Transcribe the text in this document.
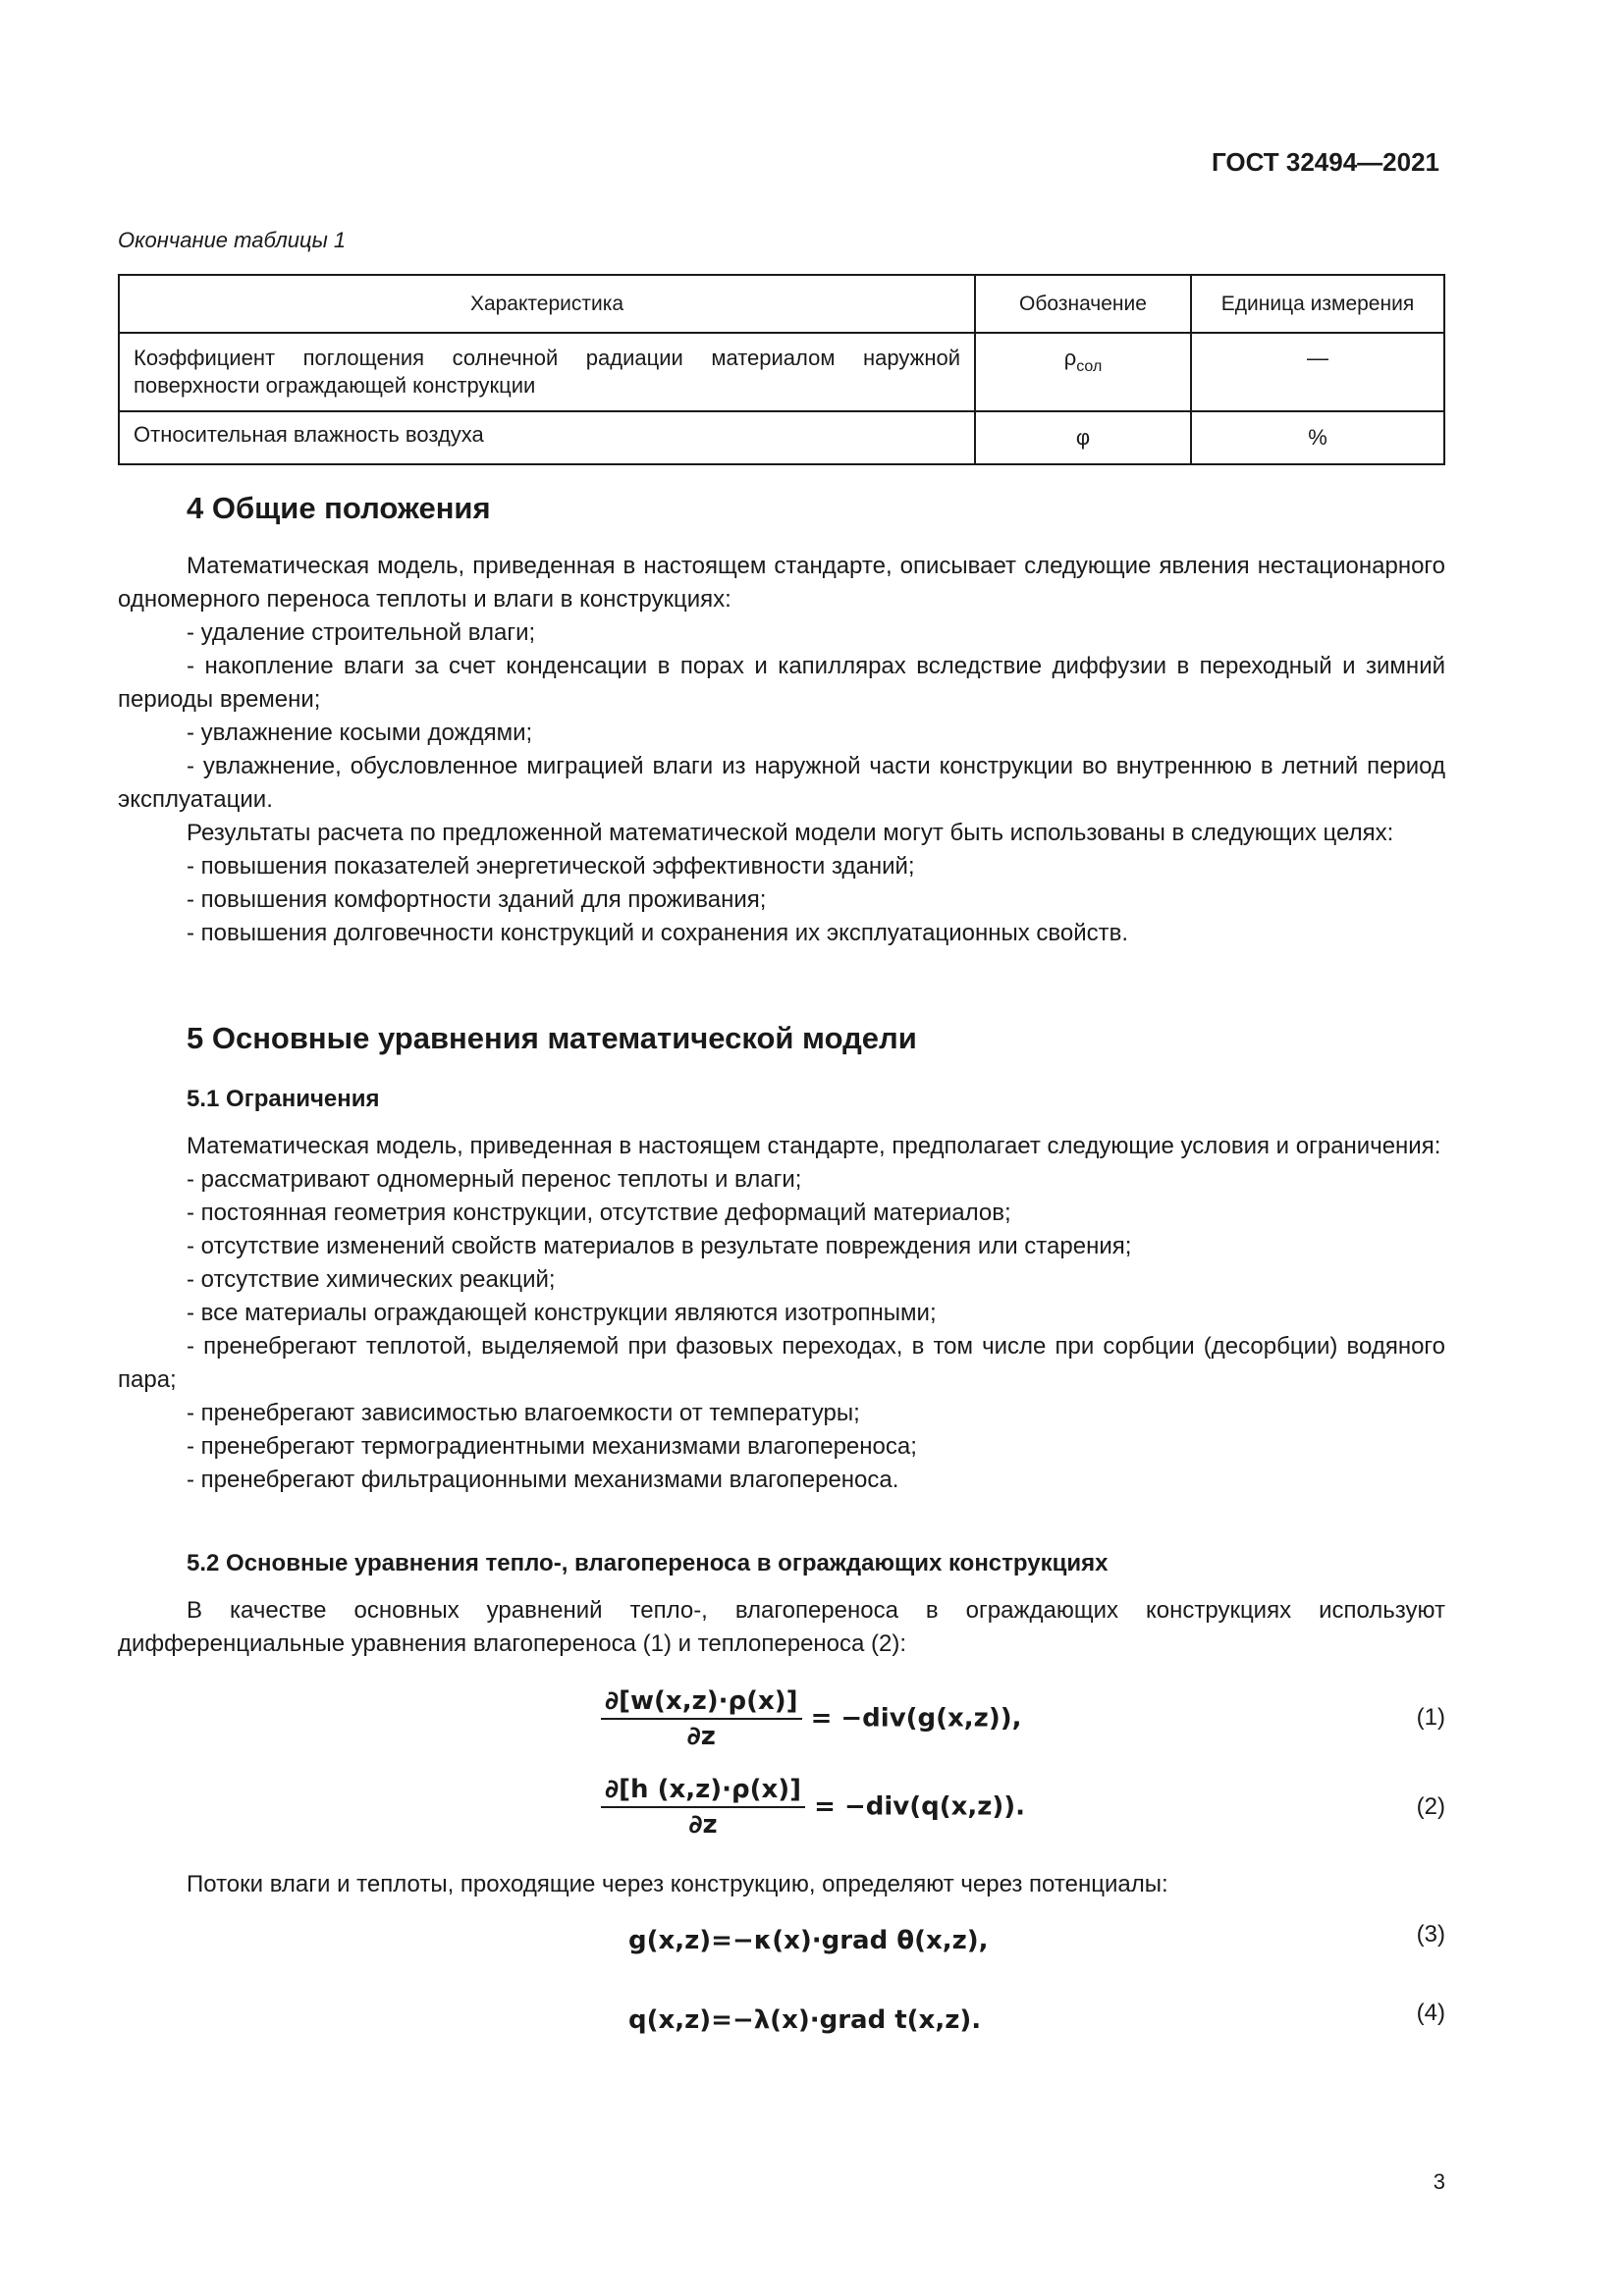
ГОСТ 32494—2021
Окончание таблицы 1
Характеристика	Обозначение	Единица измерения
Коэффициент поглощения солнечной радиации материалом наружной поверхности ограждающей конструкции	$\rho_{сол}$	—
Относительная влажность воздуха	φ	%
4 Общие положения
Математическая модель, приведенная в настоящем стандарте, описывает следующие явления нестационарного одномерного переноса теплоты и влаги в конструкциях:
- удаление строительной влаги;
- накопление влаги за счет конденсации в порах и капиллярах вследствие диффузии в переходный и зимний периоды времени;
- увлажнение косыми дождями;
- увлажнение, обусловленное миграцией влаги из наружной части конструкции во внутреннюю в летний период эксплуатации.
Результаты расчета по предложенной математической модели могут быть использованы в следующих целях:
- повышения показателей энергетической эффективности зданий;
- повышения комфортности зданий для проживания;
- повышения долговечности конструкций и сохранения их эксплуатационных свойств.
5 Основные уравнения математической модели
5.1 Ограничения
Математическая модель, приведенная в настоящем стандарте, предполагает следующие условия и ограничения:
- рассматривают одномерный перенос теплоты и влаги;
- постоянная геометрия конструкции, отсутствие деформаций материалов;
- отсутствие изменений свойств материалов в результате повреждения или старения;
- отсутствие химических реакций;
- все материалы ограждающей конструкции являются изотропными;
- пренебрегают теплотой, выделяемой при фазовых переходах, в том числе при сорбции (десорбции) водяного пара;
- пренебрегают зависимостью влагоемкости от температуры;
- пренебрегают термоградиентными механизмами влагопереноса;
- пренебрегают фильтрационными механизмами влагопереноса.
5.2 Основные уравнения тепло-, влагопереноса в ограждающих конструкциях
В качестве основных уравнений тепло-, влагопереноса в ограждающих конструкциях используют дифференциальные уравнения влагопереноса (1) и теплопереноса (2):
$\frac{\partial[w(x,z)\cdot\rho(x)]}{\partial z} = -div(g(x,z))$,	(1)
$\frac{\partial[h (x,z)\cdot\rho(x)]}{\partial z} = -div(q(x,z))$.	(2)
Потоки влаги и теплоты, проходящие через конструкцию, определяют через потенциалы:
g(x,z)=−κ(x)·grad θ(x,z),	(3)
q(x,z)=−λ(x)·grad t(x,z).	(4)
3
